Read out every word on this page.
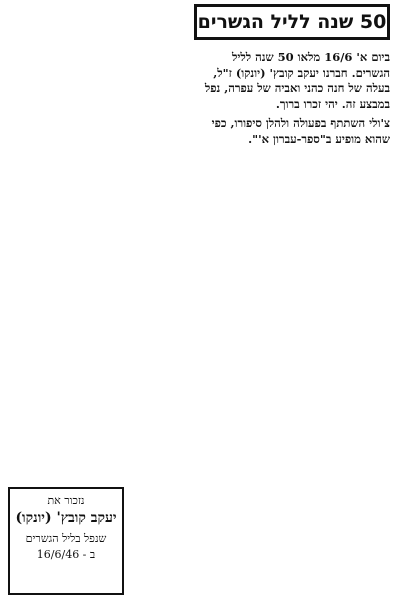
50 שנה לליל הגשרים

ביום א' 16/6 מלאו 50 שנה לליל הגשרים. חברנו יעקב קובץ' (יונקו) ז"ל, בעלה של חנה כהני ואביה של עפרה, נפל במבצע זה. יהי זכרו ברוך.

צ'ולי השתתף בפעולה ולהלן סיפורו, כפי שהוא מופיע ב"ספר-עברון א'".

נזכור את
יעקב קובץ' (יונקו)
שנפל בליל הגשרים
ב - 16/6/46
